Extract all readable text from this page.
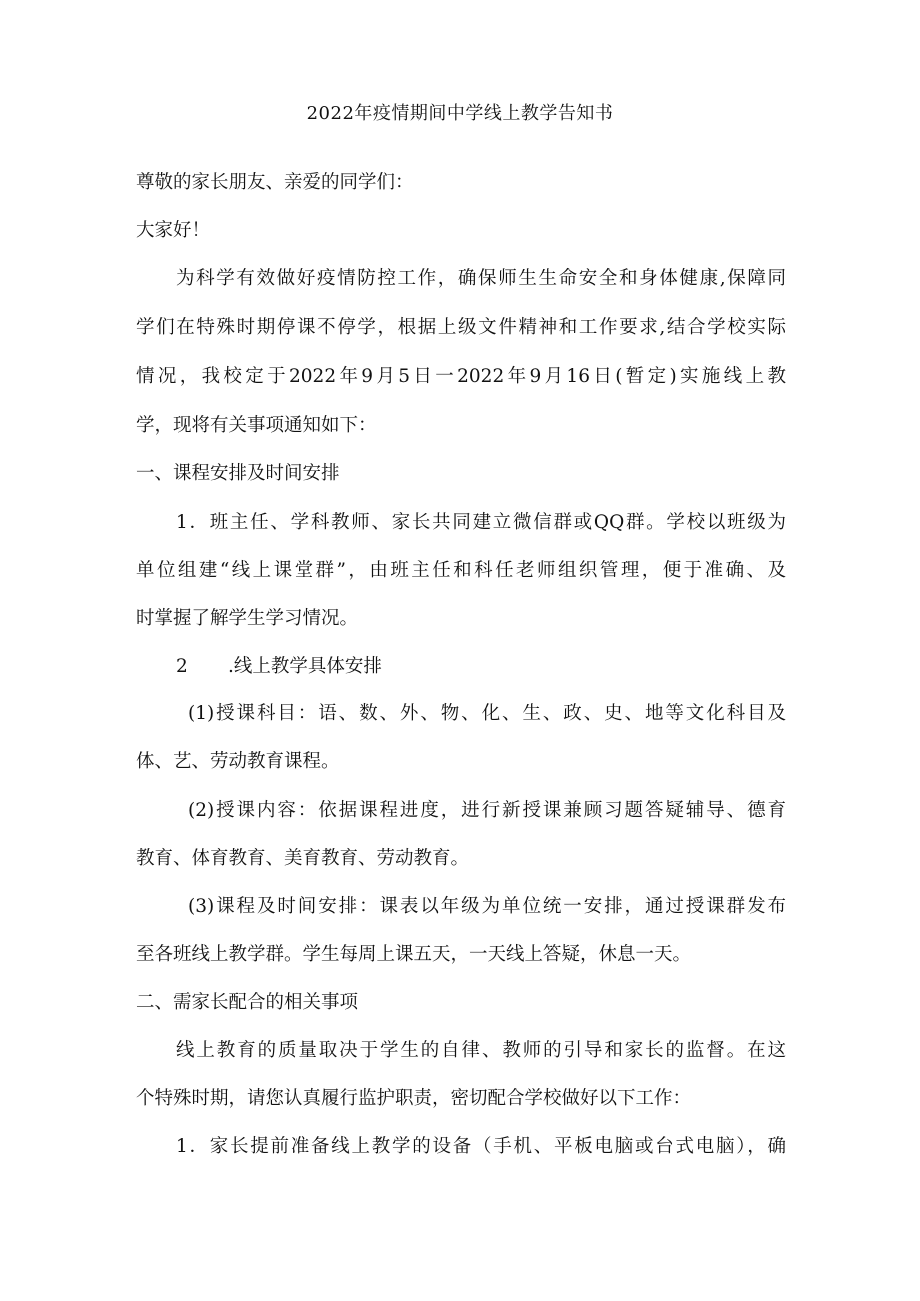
2022年疫情期间中学线上教学告知书
尊敬的家长朋友、亲爱的同学们：
大家好！
为科学有效做好疫情防控工作，确保师生生命安全和身体健康,保障同
学们在特殊时期停课不停学，根据上级文件精神和工作要求,结合学校实际
情况，我校定于2022年9月5日一2022年9月16日(暂定)实施线上教
学，现将有关事项通知如下：
一、课程安排及时间安排
1．班主任、学科教师、家长共同建立微信群或QQ群。学校以班级为
单位组建“线上课堂群”，由班主任和科任老师组织管理，便于准确、及
时掌握了解学生学习情况。
2 .线上教学具体安排
(1)授课科目：语、数、外、物、化、生、政、史、地等文化科目及
体、艺、劳动教育课程。
(2)授课内容：依据课程进度，进行新授课兼顾习题答疑辅导、德育
教育、体育教育、美育教育、劳动教育。
(3)课程及时间安排：课表以年级为单位统一安排，通过授课群发布
至各班线上教学群。学生每周上课五天，一天线上答疑，休息一天。
二、需家长配合的相关事项
线上教育的质量取决于学生的自律、教师的引导和家长的监督。在这
个特殊时期，请您认真履行监护职责，密切配合学校做好以下工作：
1．家长提前准备线上教学的设备（手机、平板电脑或台式电脑），确
